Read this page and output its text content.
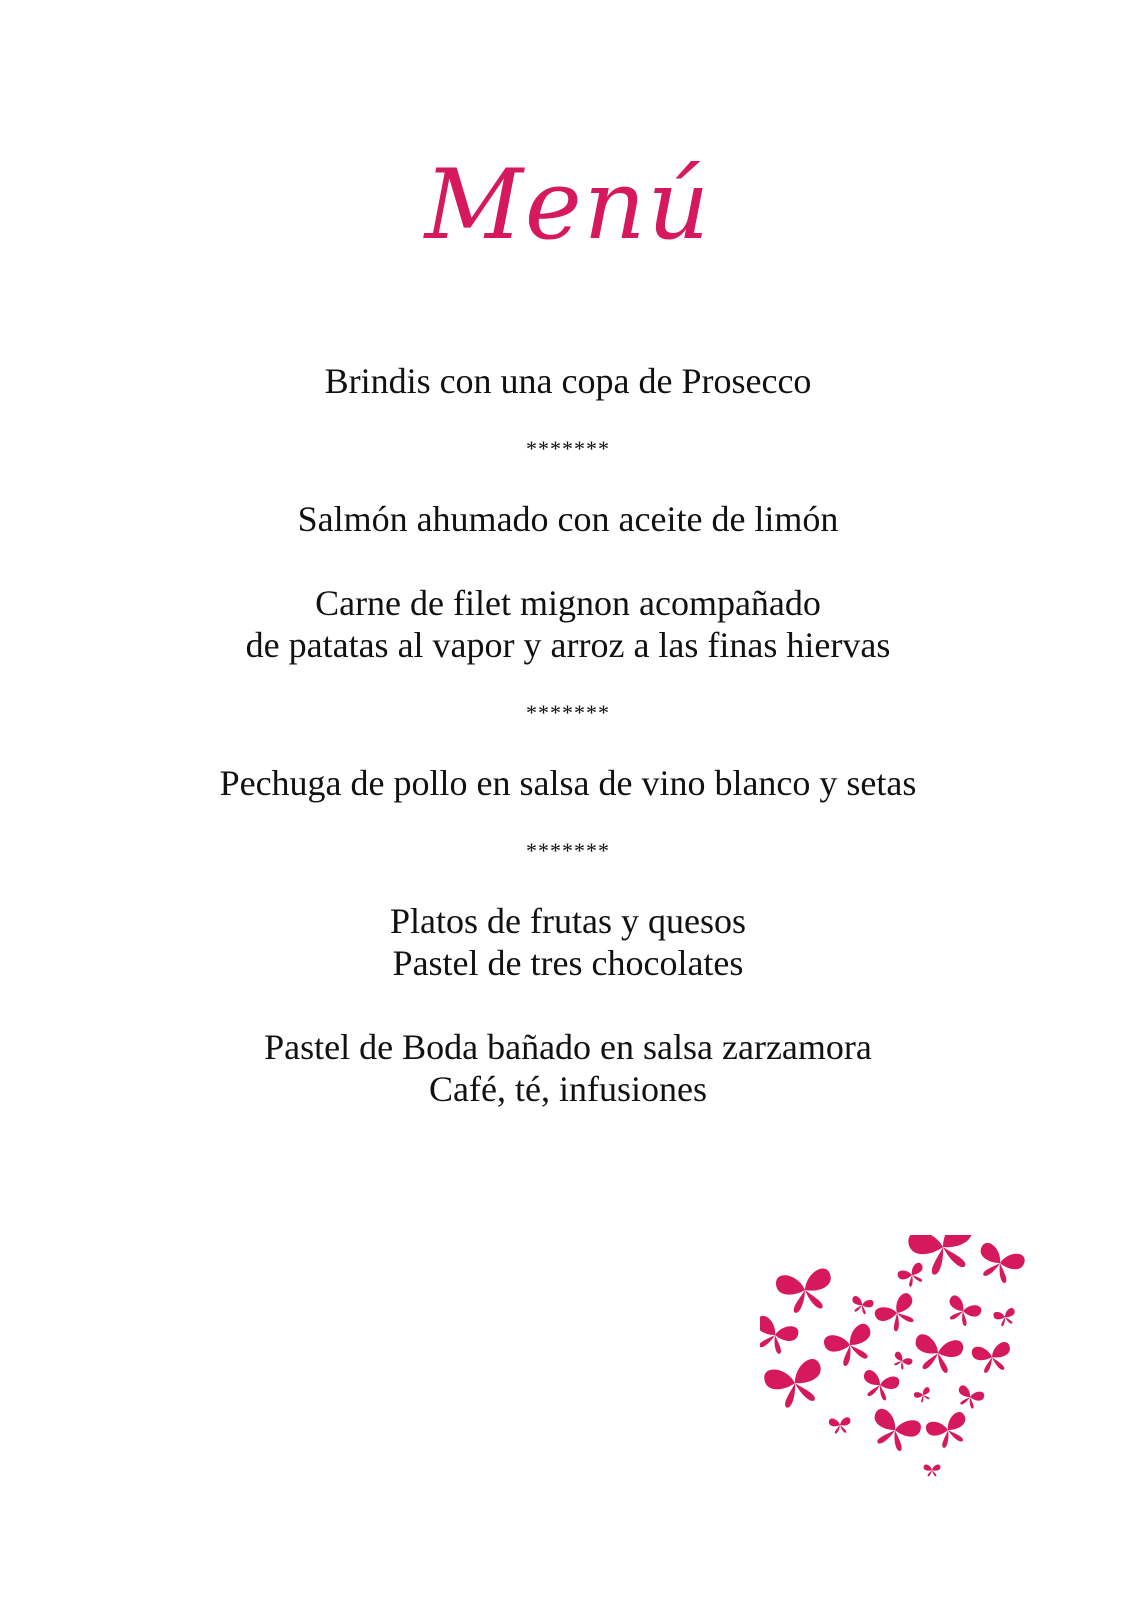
Menú

Brindis con una copa de Prosecco

*******

Salmón ahumado con aceite de limón

Carne de filet mignon acompañado

de patatas al vapor y arroz a las finas hiervas

*******

Pechuga de pollo en salsa de vino blanco y setas

*******

Platos de frutas y quesos

Pastel de tres chocolates

Pastel de Boda bañado en salsa zarzamora

Café, té, infusiones
